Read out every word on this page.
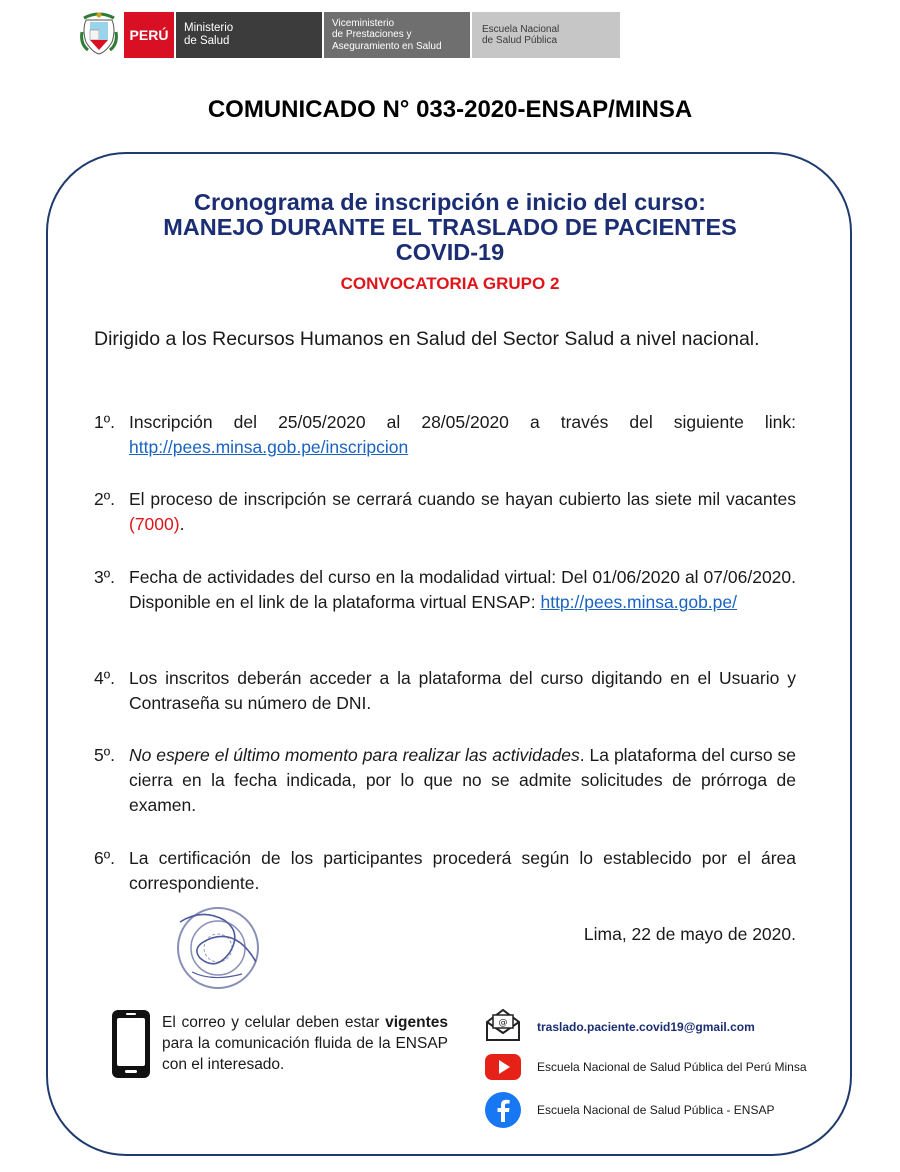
PERÚ Ministerio
de Salud
Viceministerio
de Prestaciones y
Aseguramiento en Salud
Escuela Nacional
de Salud Pública
COMUNICADO N° 033-2020-ENSAP/MINSA
Cronograma de inscripción e inicio del curso:
MANEJO DURANTE EL TRASLADO DE PACIENTES
COVID-19
CONVOCATORIA GRUPO 2
Dirigido a los Recursos Humanos en Salud del Sector Salud a nivel nacional.
1º. Inscripción del 25/05/2020 al 28/05/2020 a través del siguiente link: http://pees.minsa.gob.pe/inscripcion
2º. El proceso de inscripción se cerrará cuando se hayan cubierto las siete mil vacantes (7000).
3º. Fecha de actividades del curso en la modalidad virtual: Del 01/06/2020 al 07/06/2020. Disponible en el link de la plataforma virtual ENSAP: http://pees.minsa.gob.pe/
4º. Los inscritos deberán acceder a la plataforma del curso digitando en el Usuario y Contraseña su número de DNI.
5º. No espere el último momento para realizar las actividades. La plataforma del curso se cierra en la fecha indicada, por lo que no se admite solicitudes de prórroga de examen.
6º. La certificación de los participantes procederá según lo establecido por el área correspondiente.
Lima, 22 de mayo de 2020.
El correo y celular deben estar vigentes para la comunicación fluida de la ENSAP con el interesado.
@ traslado.paciente.covid19@gmail.com
Escuela Nacional de Salud Pública del Perú Minsa
Escuela Nacional de Salud Pública - ENSAP
